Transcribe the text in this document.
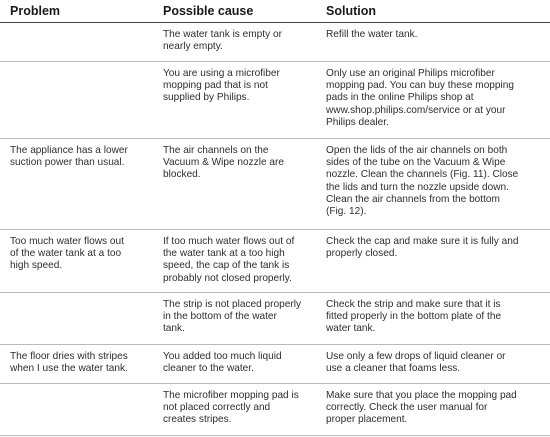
Problem	Possible cause	Solution
The water tank is empty or
nearly empty.
Refill the water tank.
You are using a microfiber
mopping pad that is not
supplied by Philips.
Only use an original Philips microfiber
mopping pad. You can buy these mopping
pads in the online Philips shop at
www.shop.philips.com/service or at your
Philips dealer.
The appliance has a lower
suction power than usual.
The air channels on the
Vacuum & Wipe nozzle are
blocked.
Open the lids of the air channels on both
sides of the tube on the Vacuum & Wipe
nozzle. Clean the channels (Fig. 11). Close
the lids and turn the nozzle upside down.
Clean the air channels from the bottom
(Fig. 12).
Too much water flows out
of the water tank at a too
high speed.
If too much water flows out of
the water tank at a too high
speed, the cap of the tank is
probably not closed properly.
Check the cap and make sure it is fully and
properly closed.
The strip is not placed properly
in the bottom of the water
tank.
Check the strip and make sure that it is
fitted properly in the bottom plate of the
water tank.
The floor dries with stripes
when I use the water tank.
You added too much liquid
cleaner to the water.
Use only a few drops of liquid cleaner or
use a cleaner that foams less.
The microfiber mopping pad is
not placed correctly and
creates stripes.
Make sure that you place the mopping pad
correctly. Check the user manual for
proper placement.
